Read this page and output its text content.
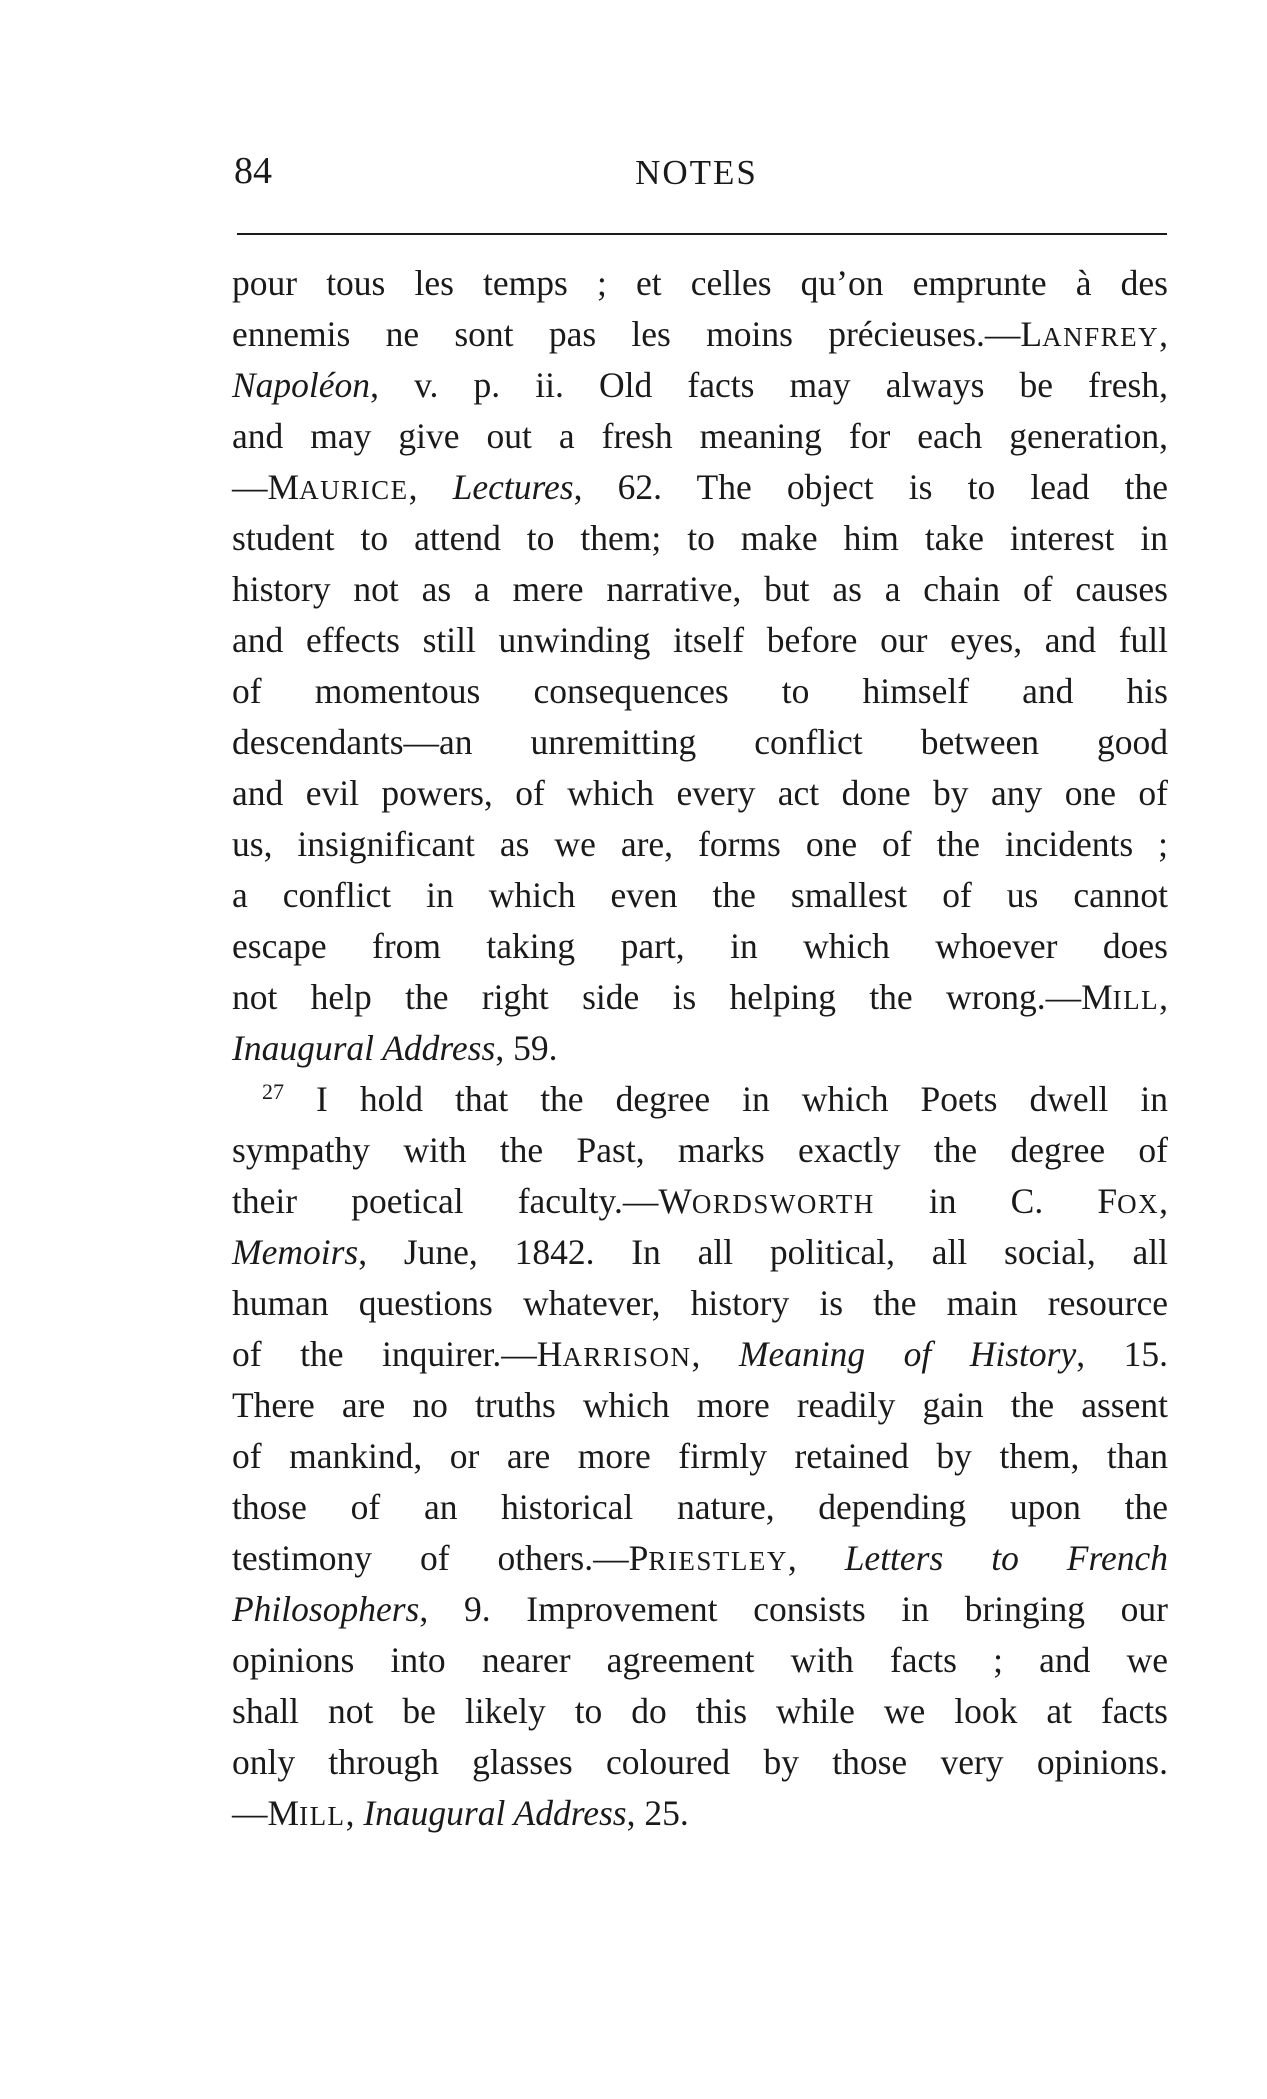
84	NOTES
pour tous les temps ; et celles qu’on emprunte à des
ennemis ne sont pas les moins précieuses.—LANFREY,
Napoléon, v. p. ii. Old facts may always be fresh,
and may give out a fresh meaning for each generation,
—MAURICE, Lectures, 62. The object is to lead the
student to attend to them; to make him take interest in
history not as a mere narrative, but as a chain of causes
and effects still unwinding itself before our eyes, and full
of momentous consequences to himself and his
descendants—an unremitting conflict between good
and evil powers, of which every act done by any one of
us, insignificant as we are, forms one of the incidents ;
a conflict in which even the smallest of us cannot
escape from taking part, in which whoever does
not help the right side is helping the wrong.—MILL,
Inaugural Address, 59.
$^{27}$ I hold that the degree in which Poets dwell in
sympathy with the Past, marks exactly the degree of
their poetical faculty.—WORDSWORTH in C. FOX,
Memoirs, June, 1842. In all political, all social, all
human questions whatever, history is the main resource
of the inquirer.—HARRISON, Meaning of History, 15.
There are no truths which more readily gain the assent
of mankind, or are more firmly retained by them, than
those of an historical nature, depending upon the
testimony of others.—PRIESTLEY, Letters to French
Philosophers, 9. Improvement consists in bringing our
opinions into nearer agreement with facts ; and we
shall not be likely to do this while we look at facts
only through glasses coloured by those very opinions.
—MILL, Inaugural Address, 25.
